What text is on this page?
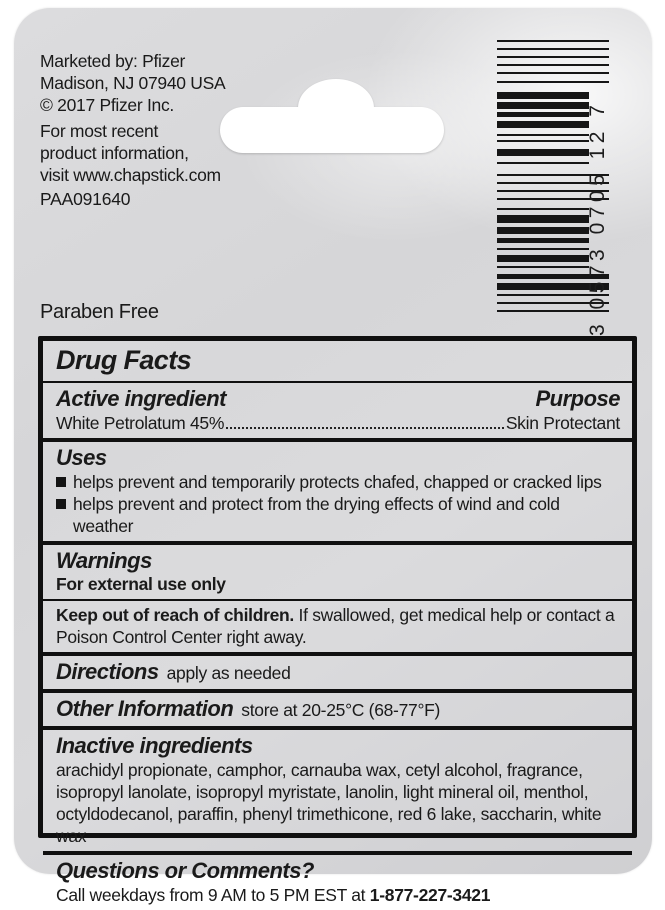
Marketed by: Pfizer
Madison, NJ 07940 USA
© 2017 Pfizer Inc.
For most recent
product information,
visit www.chapstick.com
PAA091640	3 0573 0705 12 7
Paraben Free
Drug Facts
Active ingredient	Purpose
White Petrolatum 45%	Skin Protectant
Uses
helps prevent and temporarily protects chafed, chapped or cracked lips
helps prevent and protect from the drying effects of wind and cold weather
Warnings
For external use only
Keep out of reach of children. If swallowed, get medical help or contact a Poison Control Center right away.
Directions apply as needed
Other Information store at 20-25°C (68-77°F)
Inactive ingredients
arachidyl propionate, camphor, carnauba wax, cetyl alcohol, fragrance, isopropyl lanolate, isopropyl myristate, lanolin, light mineral oil, menthol, octyldodecanol, paraffin, phenyl trimethicone, red 6 lake, saccharin, white wax
Questions or Comments?
Call weekdays from 9 AM to 5 PM EST at 1-877-227-3421
